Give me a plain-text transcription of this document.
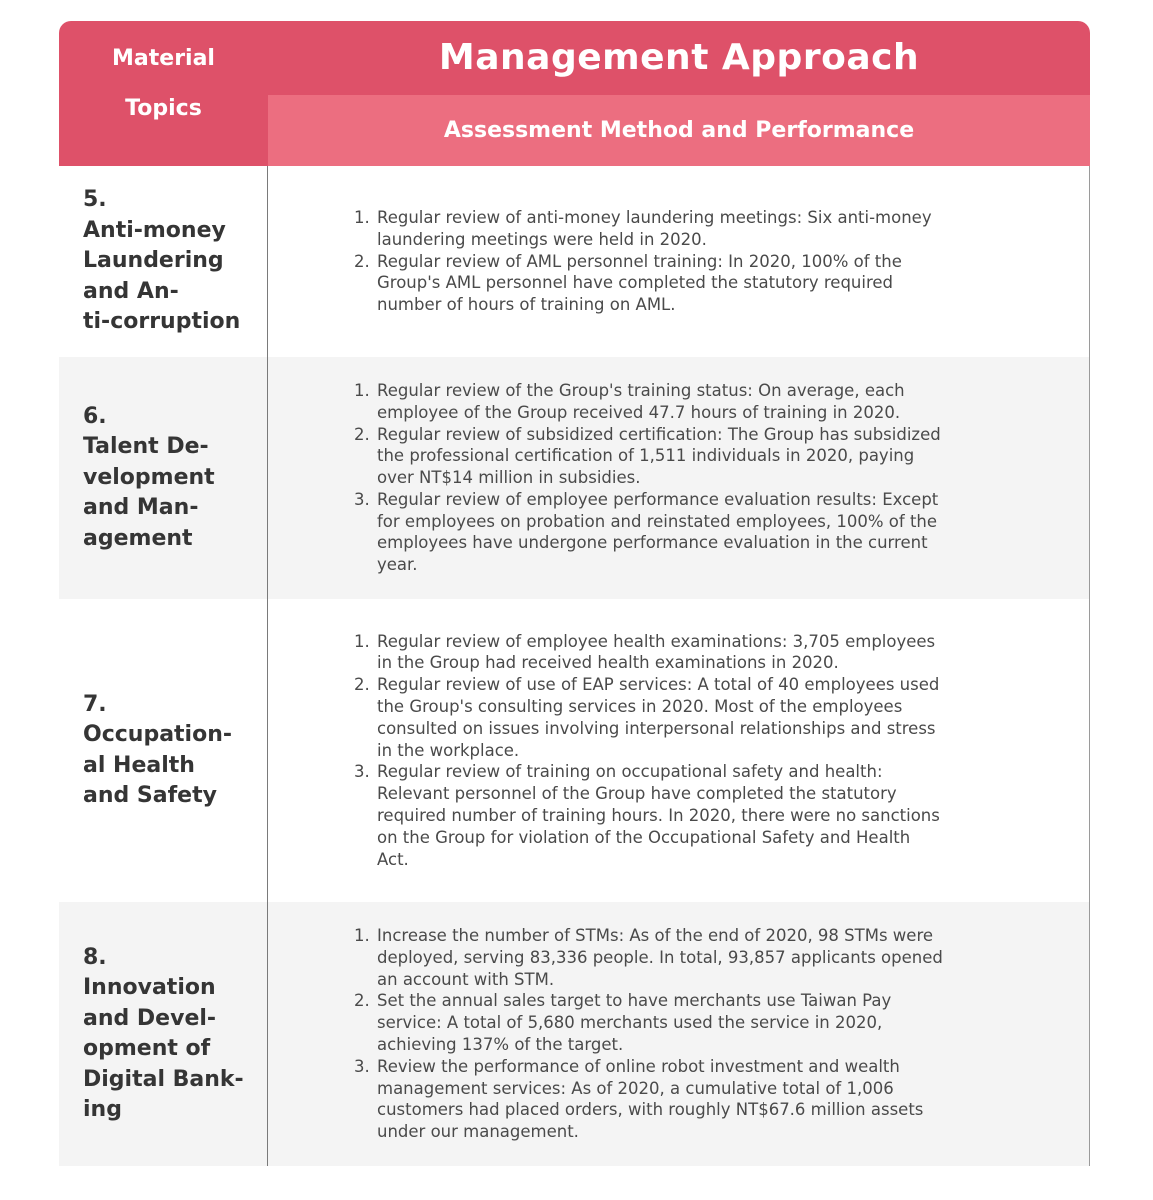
Material

Topics
Management Approach
Assessment Method and Performance
5.
Anti-money
Laundering
and An-
ti-corruption
1. Regular review of anti-money laundering meetings: Six anti-money laundering meetings were held in 2020.
2. Regular review of AML personnel training: In 2020, 100% of the Group's AML personnel have completed the statutory required number of hours of training on AML.
6.
Talent De-
velopment
and Man-
agement
1. Regular review of the Group's training status: On average, each employee of the Group received 47.7 hours of training in 2020.
2. Regular review of subsidized certification: The Group has subsidized the professional certification of 1,511 individuals in 2020, paying over NT$14 million in subsidies.
3. Regular review of employee performance evaluation results: Except for employees on probation and reinstated employees, 100% of the employees have undergone performance evaluation in the current year.
7.
Occupation-
al Health
and Safety
1. Regular review of employee health examinations: 3,705 employees in the Group had received health examinations in 2020.
2. Regular review of use of EAP services: A total of 40 employees used the Group's consulting services in 2020. Most of the employees consulted on issues involving interpersonal relationships and stress in the workplace.
3. Regular review of training on occupational safety and health: Relevant personnel of the Group have completed the statutory required number of training hours. In 2020, there were no sanctions on the Group for violation of the Occupational Safety and Health Act.
8.
Innovation
and Devel-
opment of
Digital Bank-
ing
1. Increase the number of STMs: As of the end of 2020, 98 STMs were deployed, serving 83,336 people. In total, 93,857 applicants opened an account with STM.
2. Set the annual sales target to have merchants use Taiwan Pay service: A total of 5,680 merchants used the service in 2020, achieving 137% of the target.
3. Review the performance of online robot investment and wealth management services: As of 2020, a cumulative total of 1,006 customers had placed orders, with roughly NT$67.6 million assets under our management.
